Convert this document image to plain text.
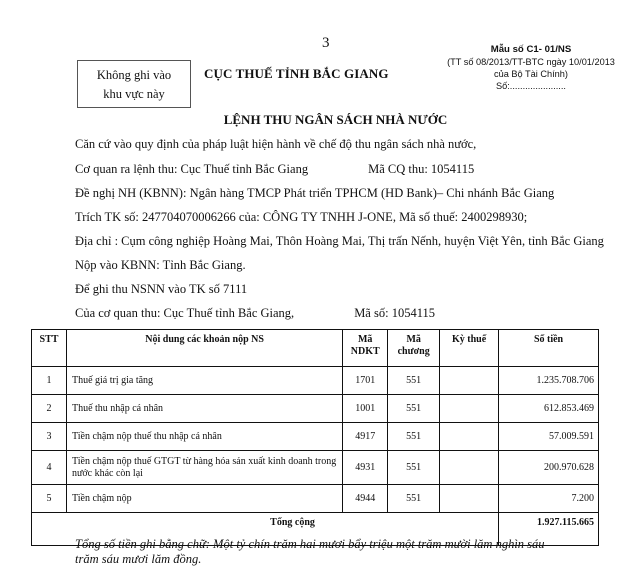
3
Không ghi vào
khu vực này
CỤC THUẾ TỈNH BẮC GIANG
Mẫu số C1- 01/NS
(TT số 08/2013/TT-BTC ngày 10/01/2013
của Bộ Tài Chính)
Số:......................
LỆNH THU NGÂN SÁCH NHÀ NƯỚC
Căn cứ vào quy định của pháp luật hiện hành về chế độ thu ngân sách nhà nước,
Cơ quan ra lệnh thu: Cục Thuế tỉnh Bắc Giang	Mã CQ thu: 1054115
Đề nghị NH (KBNN): Ngân hàng TMCP Phát triển TPHCM (HD Bank)– Chi nhánh Bắc Giang
Trích TK số: 247704070006266 của: CÔNG TY TNHH J-ONE, Mã số thuế: 2400298930;
Địa chỉ : Cụm công nghiệp Hoàng Mai, Thôn Hoàng Mai, Thị trấn Nếnh, huyện Việt Yên, tỉnh Bắc Giang
Nộp vào KBNN: Tỉnh Bắc Giang.
Để ghi thu NSNN vào TK số 7111
Của cơ quan thu: Cục Thuế tỉnh Bắc Giang,	Mã số: 1054115
STT	Nội dung các khoản nộp NS	Mã NDKT	Mã chương	Kỳ thuế	Số tiền
1	Thuế giá trị gia tăng	1701	551		1.235.708.706
2	Thuế thu nhập cá nhân	1001	551		612.853.469
3	Tiền chậm nộp thuế thu nhập cá nhân	4917	551		57.009.591
4	Tiền chậm nộp thuế GTGT từ hàng hóa sản xuất kinh doanh trong nước khác còn lại	4931	551		200.970.628
5	Tiền chậm nộp	4944	551		7.200
Tổng cộng					1.927.115.665
Tổng số tiền ghi bằng chữ: Một tỷ chín trăm hai mươi bẩy triệu một trăm mười lăm nghìn sáu trăm sáu mươi lăm đồng.
